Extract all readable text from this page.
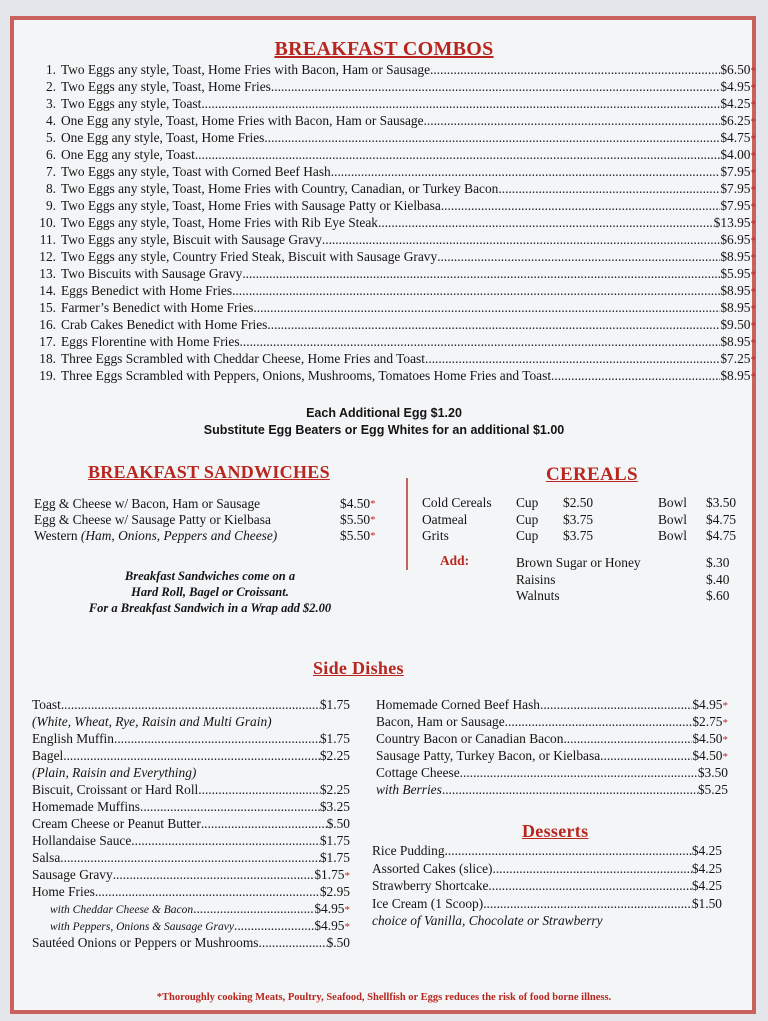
BREAKFAST COMBOS
1. Two Eggs any style, Toast, Home Fries with Bacon, Ham or Sausage .....	$6.50 *
2. Two Eggs any style, Toast, Home Fries .....	$4.95 *
3. Two Eggs any style, Toast .....	$4.25 *
4. One Egg any style, Toast, Home Fries with Bacon, Ham or Sausage .....	$6.25 *
5. One Egg any style, Toast, Home Fries .....	$4.75 *
6. One Egg any style, Toast .....	$4.00 *
7. Two Eggs any style, Toast with Corned Beef Hash .....	$7.95 *
8. Two Eggs any style, Toast, Home Fries with Country, Canadian, or Turkey Bacon .....	$7.95 *
9. Two Eggs any style, Toast, Home Fries with Sausage Patty or Kielbasa .....	$7.95 *
10. Two Eggs any style, Toast, Home Fries with Rib Eye Steak .....	$13.95 *
11. Two Eggs any style, Biscuit with Sausage Gravy .....	$6.95 *
12. Two Eggs any style, Country Fried Steak, Biscuit with Sausage Gravy .....	$8.95 *
13. Two Biscuits with Sausage Gravy .....	$5.95 *
14. Eggs Benedict with Home Fries .....	$8.95 *
15. Farmer’s Benedict with Home Fries .....	$8.95 *
16. Crab Cakes Benedict with Home Fries .....	$9.50 *
17. Eggs Florentine with Home Fries .....	$8.95 *
18. Three Eggs Scrambled with Cheddar Cheese, Home Fries and Toast .....	$7.25 *
19. Three Eggs Scrambled with Peppers, Onions, Mushrooms, Tomatoes Home Fries and Toast .....	$8.95 *
Each Additional Egg $1.20
Substitute Egg Beaters or Egg Whites for an additional $1.00
BREAKFAST SANDWICHES
Egg & Cheese w/ Bacon, Ham or Sausage	$4.50*
Egg & Cheese w/ Sausage Patty or Kielbasa	$5.50*
Western (Ham, Onions, Peppers and Cheese)	$5.50*
Breakfast Sandwiches come on a
Hard Roll, Bagel or Croissant.
For a Breakfast Sandwich in a Wrap add $2.00
CEREALS
Cold Cereals Cup $2.50	Bowl $3.50
Oatmeal	Cup $3.75	Bowl $4.75
Grits	Cup $3.75	Bowl $4.75
Add:	Brown Sugar or Honey	$.30
Raisins	$.40
Walnuts	$.60
Side Dishes
Toast .....	$1.75
(White, Wheat, Rye, Raisin and Multi Grain)
English Muffin .....	$1.75
Bagel .....	$2.25
(Plain, Raisin and Everything)
Biscuit, Croissant or Hard Roll .....	$2.25
Homemade Muffins .....	$3.25
Cream Cheese or Peanut Butter .....	$.50
Hollandaise Sauce .....	$1.75
Salsa .....	$1.75
Sausage Gravy .....	$1.75 *
Home Fries .....	$2.95
with Cheddar Cheese & Bacon .....	$4.95 *
with Peppers, Onions & Sausage Gravy .....	$4.95 *
Sautéed Onions or Peppers or Mushrooms .....	$.50
Homemade Corned Beef Hash .....	$4.95 *
Bacon, Ham or Sausage .....	$2.75 *
Country Bacon or Canadian Bacon .....	$4.50 *
Sausage Patty, Turkey Bacon, or Kielbasa .....	$4.50 *
Cottage Cheese .....	$3.50
with Berries .....	$5.25
Desserts
Rice Pudding .....	$4.25
Assorted Cakes (slice) .....	$4.25
Strawberry Shortcake .....	$4.25
Ice Cream (1 Scoop) .....	$1.50
choice of Vanilla, Chocolate or Strawberry
*Thoroughly cooking Meats, Poultry, Seafood, Shellfish or Eggs reduces the risk of food borne illness.
